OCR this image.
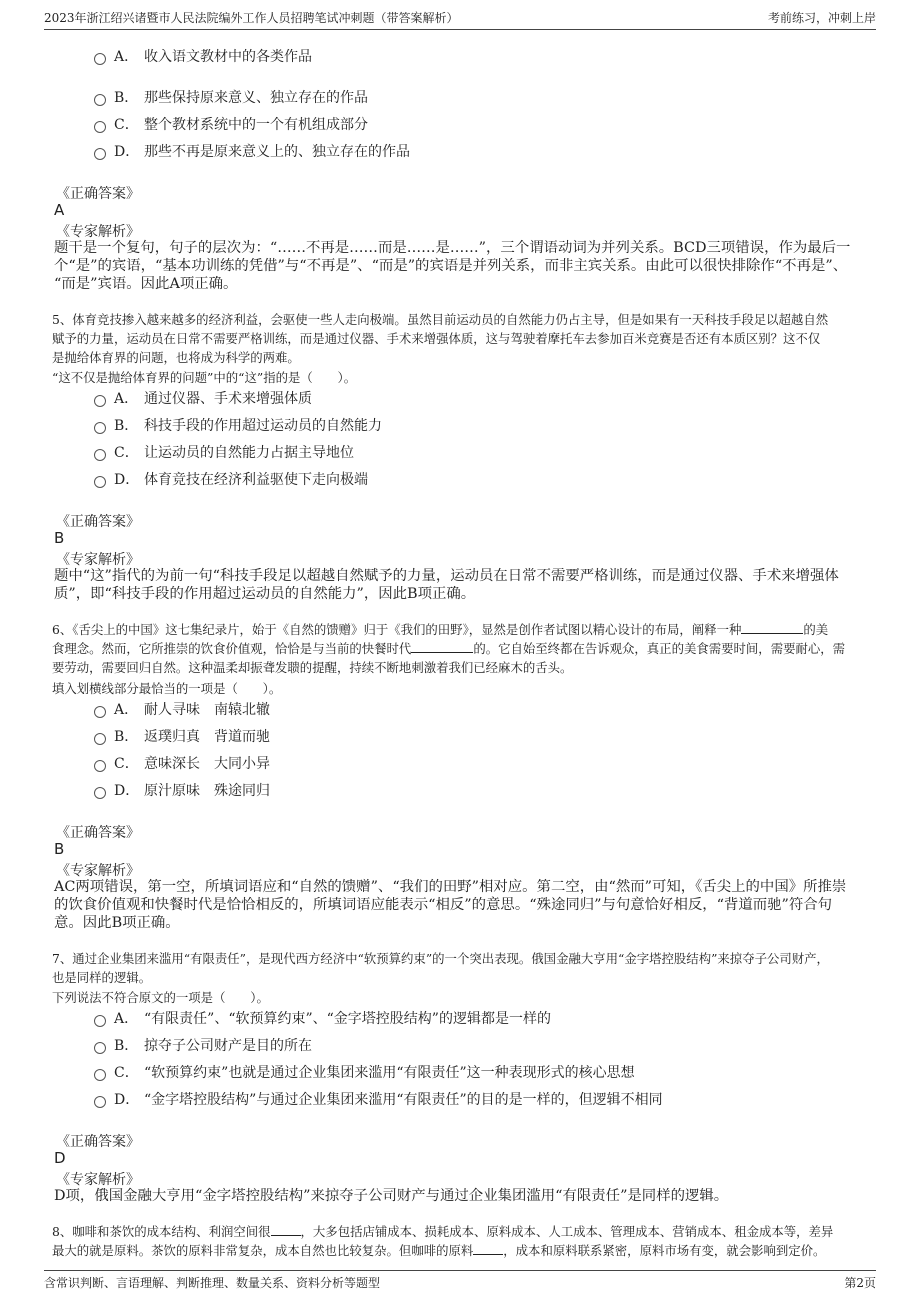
2023年浙江绍兴诸暨市人民法院编外工作人员招聘笔试冲刺题（带答案解析）	考前练习，冲刺上岸
A． 收入语文教材中的各类作品
B． 那些保持原来意义、独立存在的作品
C． 整个教材系统中的一个有机组成部分
D． 那些不再是原来意义上的、独立存在的作品
《正确答案》
A
《专家解析》
题干是一个复句，句子的层次为：“……不再是……而是……是……”，三个谓语动词为并列关系。BCD三项错误，作为最后一
个“是”的宾语，“基本功训练的凭借”与“不再是”、“而是”的宾语是并列关系，而非主宾关系。由此可以很快排除作“不再是”、
“而是”宾语。因此A项正确。
5、体育竞技掺入越来越多的经济利益，会驱使一些人走向极端。虽然目前运动员的自然能力仍占主导，但是如果有一天科技手段足以超越自然
赋予的力量，运动员在日常不需要严格训练，而是通过仪器、手术来增强体质，这与驾驶着摩托车去参加百米竞赛是否还有本质区别？这不仅
是抛给体育界的问题，也将成为科学的两难。
“这不仅是抛给体育界的问题”中的“这”指的是（　　）。
A． 通过仪器、手术来增强体质
B． 科技手段的作用超过运动员的自然能力
C． 让运动员的自然能力占据主导地位
D． 体育竞技在经济利益驱使下走向极端
《正确答案》
B
《专家解析》
题中“这”指代的为前一句“科技手段足以超越自然赋予的力量，运动员在日常不需要严格训练，而是通过仪器、手术来增强体
质”，即“科技手段的作用超过运动员的自然能力”，因此B项正确。
6、《舌尖上的中国》这七集纪录片，始于《自然的馈赠》归于《我们的田野》，显然是创作者试图以精心设计的布局，阐释一种	的美
食理念。然而，它所推崇的饮食价值观，恰恰是与当前的快餐时代	的。它自始至终都在告诉观众，真正的美食需要时间，需要耐心，需
要劳动，需要回归自然。这种温柔却振聋发聩的提醒，持续不断地刺激着我们已经麻木的舌头。
填入划横线部分最恰当的一项是（　　）。
A． 耐人寻味　南辕北辙
B． 返璞归真　背道而驰
C． 意味深长　大同小异
D． 原汁原味　殊途同归
《正确答案》
B
《专家解析》
AC两项错误，第一空，所填词语应和“自然的馈赠”、“我们的田野”相对应。第二空，由“然而”可知，《舌尖上的中国》所推崇
的饮食价值观和快餐时代是恰恰相反的，所填词语应能表示“相反”的意思。“殊途同归”与句意恰好相反，“背道而驰”符合句
意。因此B项正确。
7、通过企业集团来滥用“有限责任”，是现代西方经济中“软预算约束”的一个突出表现。俄国金融大亨用“金字塔控股结构”来掠夺子公司财产，
也是同样的逻辑。
下列说法不符合原文的一项是（　　）。
A． “有限责任”、“软预算约束”、“金字塔控股结构”的逻辑都是一样的
B． 掠夺子公司财产是目的所在
C． “软预算约束”也就是通过企业集团来滥用“有限责任”这一种表现形式的核心思想
D． “金字塔控股结构”与通过企业集团来滥用“有限责任”的目的是一样的，但逻辑不相同
《正确答案》
D
《专家解析》
D项，俄国金融大亨用“金字塔控股结构”来掠夺子公司财产与通过企业集团滥用“有限责任”是同样的逻辑。
8、咖啡和茶饮的成本结构、利润空间很 ，大多包括店铺成本、损耗成本、原料成本、人工成本、管理成本、营销成本、租金成本等，差异
最大的就是原料。茶饮的原料非常复杂，成本自然也比较复杂。但咖啡的原料 ，成本和原料联系紧密，原料市场有变，就会影响到定价。
含常识判断、言语理解、判断推理、数量关系、资料分析等题型	第2页
